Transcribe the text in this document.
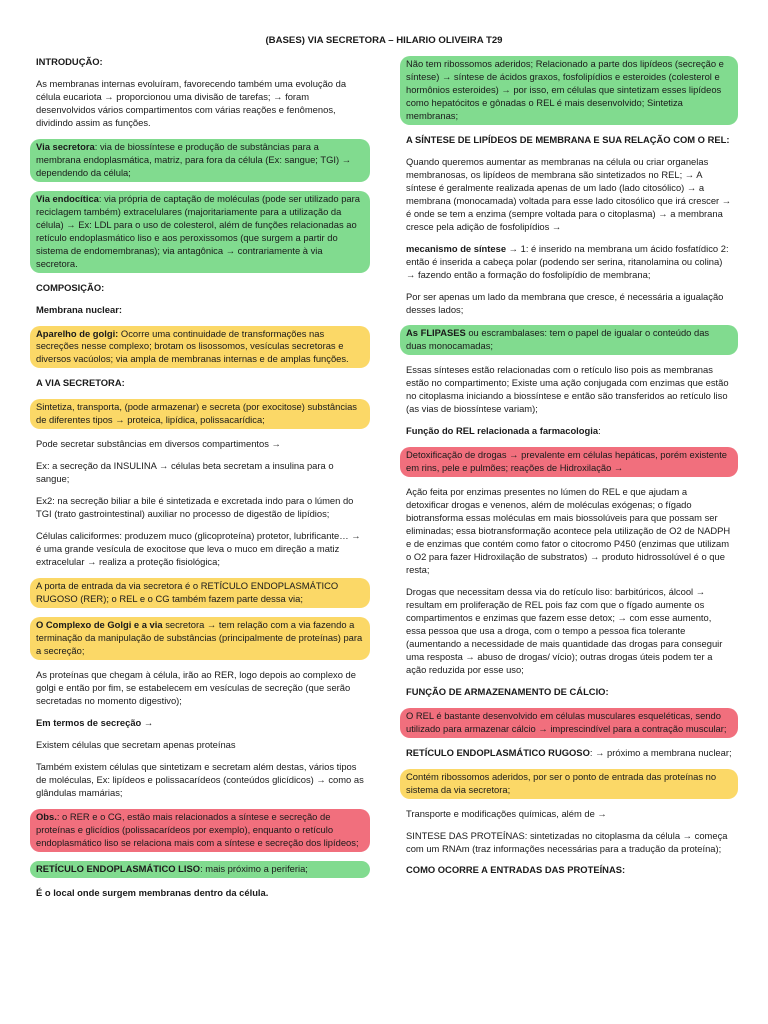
(BASES) VIA SECRETORA – HILARIO OLIVEIRA T29

INTRODUÇÃO:

As membranas internas evoluíram, favorecendo também uma evolução da célula eucariota → proporcionou uma divisão de tarefas; → foram desenvolvidos vários compartimentos com várias reações e fenômenos, dividindo assim as funções.

Via secretora: via de biossíntese e produção de substâncias para a membrana endoplasmática, matriz, para fora da célula (Ex: sangue; TGI) → dependendo da célula;

Via endocítica: via própria de captação de moléculas (pode ser utilizado para reciclagem também) extracelulares (majoritariamente para a utilização da célula) → Ex: LDL para o uso de colesterol, além de funções relacionadas ao retículo endoplasmático liso e aos peroxissomos (que surgem a partir do sistema de endomembranas); via antagônica → contrariamente à via secretora.

COMPOSIÇÃO:

Membrana nuclear:

Aparelho de golgi: Ocorre uma continuidade de transformações nas secreções nesse complexo; brotam os lisossomos, vesículas secretoras e diversos vacúolos; via ampla de membranas internas e de amplas funções.

A VIA SECRETORA:

Sintetiza, transporta, (pode armazenar) e secreta (por exocitose) substâncias de diferentes tipos → proteica, lipídica, polissacarídica;

Pode secretar substâncias em diversos compartimentos →

Ex: a secreção da INSULINA → células beta secretam a insulina para o sangue;

Ex2: na secreção biliar a bile é sintetizada e excretada indo para o lúmen do TGI (trato gastrointestinal) auxiliar no processo de digestão de lipídios;

Células caliciformes: produzem muco (glicoproteína) protetor, lubrificante… → é uma grande vesícula de exocitose que leva o muco em direção a matiz extracelular → realiza a proteção fisiológica;

A porta de entrada da via secretora é o RETÍCULO ENDOPLASMÁTICO RUGOSO (RER); o REL e o CG também fazem parte dessa via;

O Complexo de Golgi e a via secretora → tem relação com a via fazendo a terminação da manipulação de substâncias (principalmente de proteínas) para a secreção;

As proteínas que chegam à célula, irão ao RER, logo depois ao complexo de golgi e então por fim, se estabelecem em vesículas de secreção (que serão secretadas no momento digestivo);

Em termos de secreção →

Existem células que secretam apenas proteínas

Também existem células que sintetizam e secretam além destas, vários tipos de moléculas, Ex: lipídeos e polissacarídeos (conteúdos glicídicos) → como as glândulas mamárias;

Obs.: o RER e o CG, estão mais relacionados a síntese e secreção de proteínas e glicídios (polissacarídeos por exemplo), enquanto o retículo endoplasmático liso se relaciona mais com a síntese e secreção dos lipídeos;

RETÍCULO ENDOPLASMÁTICO LISO: mais próximo a periferia;

É o local onde surgem membranas dentro da célula.

Não tem ribossomos aderidos; Relacionado a parte dos lipídeos (secreção e síntese) → síntese de ácidos graxos, fosfolipídios e esteroides (colesterol e hormônios esteroides) → por isso, em células que sintetizam esses lipídeos como hepatócitos e gônadas o REL é mais desenvolvido; Sintetiza membranas;

A SÍNTESE DE LIPÍDEOS DE MEMBRANA E SUA RELAÇÃO COM O REL:

Quando queremos aumentar as membranas na célula ou criar organelas membranosas, os lipídeos de membrana são sintetizados no REL; → A síntese é geralmente realizada apenas de um lado (lado citosólico) → a membrana (monocamada) voltada para esse lado citosólico que irá crescer → é onde se tem a enzima (sempre voltada para o citoplasma) → a membrana cresce pela adição de fosfolipídios →

mecanismo de síntese → 1: é inserido na membrana um ácido fosfatídico 2: então é inserida a cabeça polar (podendo ser serina, ritanolamina ou colina) → fazendo então a formação do fosfolipídio de membrana;

Por ser apenas um lado da membrana que cresce, é necessária a igualação desses lados;

As FLIPASES ou escrambalases: tem o papel de igualar o conteúdo das duas monocamadas;

Essas sínteses estão relacionadas com o retículo liso pois as membranas estão no compartimento; Existe uma ação conjugada com enzimas que estão no citoplasma iniciando a biossíntese e então são transferidos ao retículo liso (as vias de biossíntese variam);

Função do REL relacionada a farmacologia:

Detoxificação de drogas → prevalente em células hepáticas, porém existente em rins, pele e pulmões; reações de Hidroxilação →

Ação feita por enzimas presentes no lúmen do REL e que ajudam a detoxificar drogas e venenos, além de moléculas exógenas; o fígado biotransforma essas moléculas em mais biossolúveis para que possam ser eliminadas; essa biotransformação acontece pela utilização de O2 de NADPH e de enzimas que contém como fator o citocromo P450 (enzimas que utilizam o O2 para fazer Hidroxilação de substratos) → produto hidrossolúvel é o que resta;

Drogas que necessitam dessa via do retículo liso: barbitúricos, álcool → resultam em proliferação de REL pois faz com que o fígado aumente os compartimentos e enzimas que fazem esse detox; → com esse aumento, essa pessoa que usa a droga, com o tempo a pessoa fica tolerante (aumentando a necessidade de mais quantidade das drogas para conseguir uma resposta → abuso de drogas/ vício); outras drogas úteis podem ter a ação reduzida por esse uso;

FUNÇÃO DE ARMAZENAMENTO DE CÁLCIO:

O REL é bastante desenvolvido em células musculares esqueléticas, sendo utilizado para armazenar cálcio → imprescindível para a contração muscular;

RETÍCULO ENDOPLASMÁTICO RUGOSO: → próximo a membrana nuclear;

Contém ribossomos aderidos, por ser o ponto de entrada das proteínas no sistema da via secretora;

Transporte e modificações químicas, além de →

SINTESE DAS PROTEÍNAS: sintetizadas no citoplasma da célula → começa com um RNAm (traz informações necessárias para a tradução da proteína);

COMO OCORRE A ENTRADAS DAS PROTEÍNAS:
